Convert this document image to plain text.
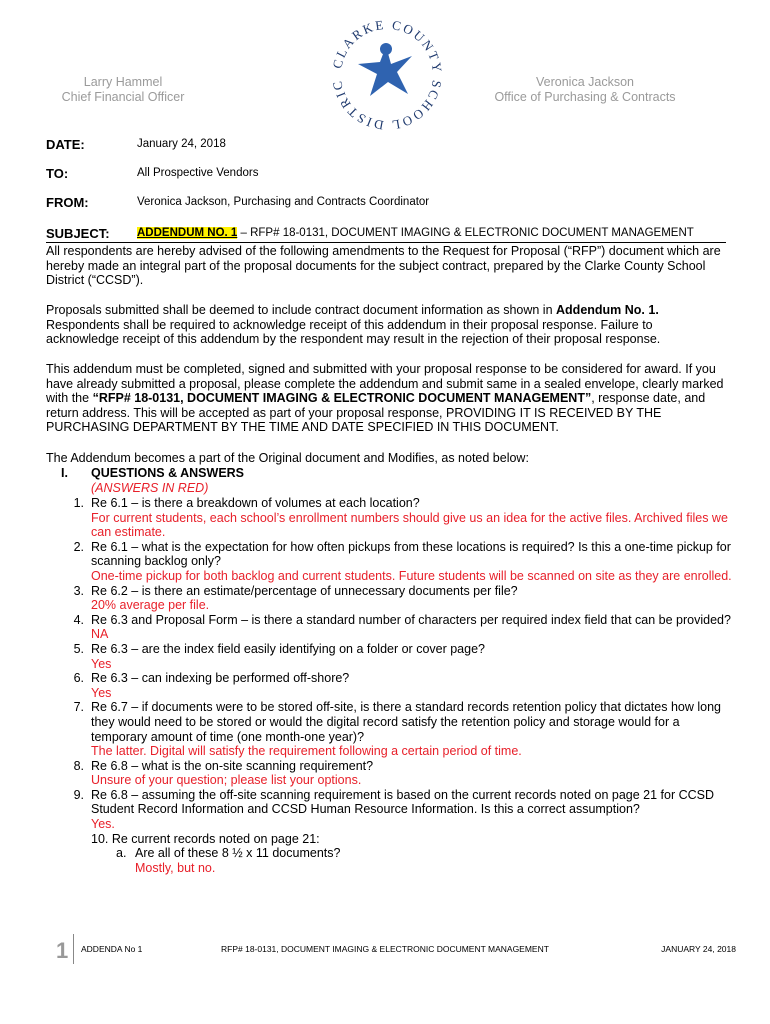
Larry Hammel
Chief Financial Officer
CLARKE COUNTY SCHOOL DISTRIC	Veronica Jackson
Office of Purchasing & Contracts
DATE:	January 24, 2018
TO:	All Prospective Vendors
FROM:	Veronica Jackson, Purchasing and Contracts Coordinator
SUBJECT: ADDENDUM NO. 1 – RFP# 18-0131, DOCUMENT IMAGING & ELECTRONIC DOCUMENT MANAGEMENT

All respondents are hereby advised of the following amendments to the Request for Proposal (“RFP”) document which are hereby made an integral part of the proposal documents for the subject contract, prepared by the Clarke County School District (“CCSD”).

Proposals submitted shall be deemed to include contract document information as shown in Addendum No. 1. Respondents shall be required to acknowledge receipt of this addendum in their proposal response. Failure to acknowledge receipt of this addendum by the respondent may result in the rejection of their proposal response.

This addendum must be completed, signed and submitted with your proposal response to be considered for award. If you have already submitted a proposal, please complete the addendum and submit same in a sealed envelope, clearly marked with the “RFP# 18-0131, DOCUMENT IMAGING & ELECTRONIC DOCUMENT MANAGEMENT”, response date, and return address. This will be accepted as part of your proposal response, PROVIDING IT IS RECEIVED BY THE PURCHASING DEPARTMENT BY THE TIME AND DATE SPECIFIED IN THIS DOCUMENT.

The Addendum becomes a part of the Original document and Modifies, as noted below:

I. QUESTIONS & ANSWERS
(ANSWERS IN RED)
1. Re 6.1 – is there a breakdown of volumes at each location?
For current students, each school’s enrollment numbers should give us an idea for the active files. Archived files we can estimate.
2. Re 6.1 – what is the expectation for how often pickups from these locations is required? Is this a one-time pickup for scanning backlog only?
One-time pickup for both backlog and current students. Future students will be scanned on site as they are enrolled.
3. Re 6.2 – is there an estimate/percentage of unnecessary documents per file?
20% average per file.
4. Re 6.3 and Proposal Form – is there a standard number of characters per required index field that can be provided?
NA
5. Re 6.3 – are the index field easily identifying on a folder or cover page?
Yes
6. Re 6.3 – can indexing be performed off-shore?
Yes
7. Re 6.7 – if documents were to be stored off-site, is there a standard records retention policy that dictates how long they would need to be stored or would the digital record satisfy the retention policy and storage would for a temporary amount of time (one month-one year)?
The latter. Digital will satisfy the requirement following a certain period of time.
8. Re 6.8 – what is the on-site scanning requirement?
Unsure of your question; please list your options.
9. Re 6.8 – assuming the off-site scanning requirement is based on the current records noted on page 21 for CCSD Student Record Information and CCSD Human Resource Information. Is this a correct assumption?
Yes.
10. Re current records noted on page 21:
a. Are all of these 8 ½ x 11 documents?
Mostly, but no.
1 ADDENDA No 1	RFP# 18-0131, DOCUMENT IMAGING & ELECTRONIC DOCUMENT MANAGEMENT	JANUARY 24, 2018
